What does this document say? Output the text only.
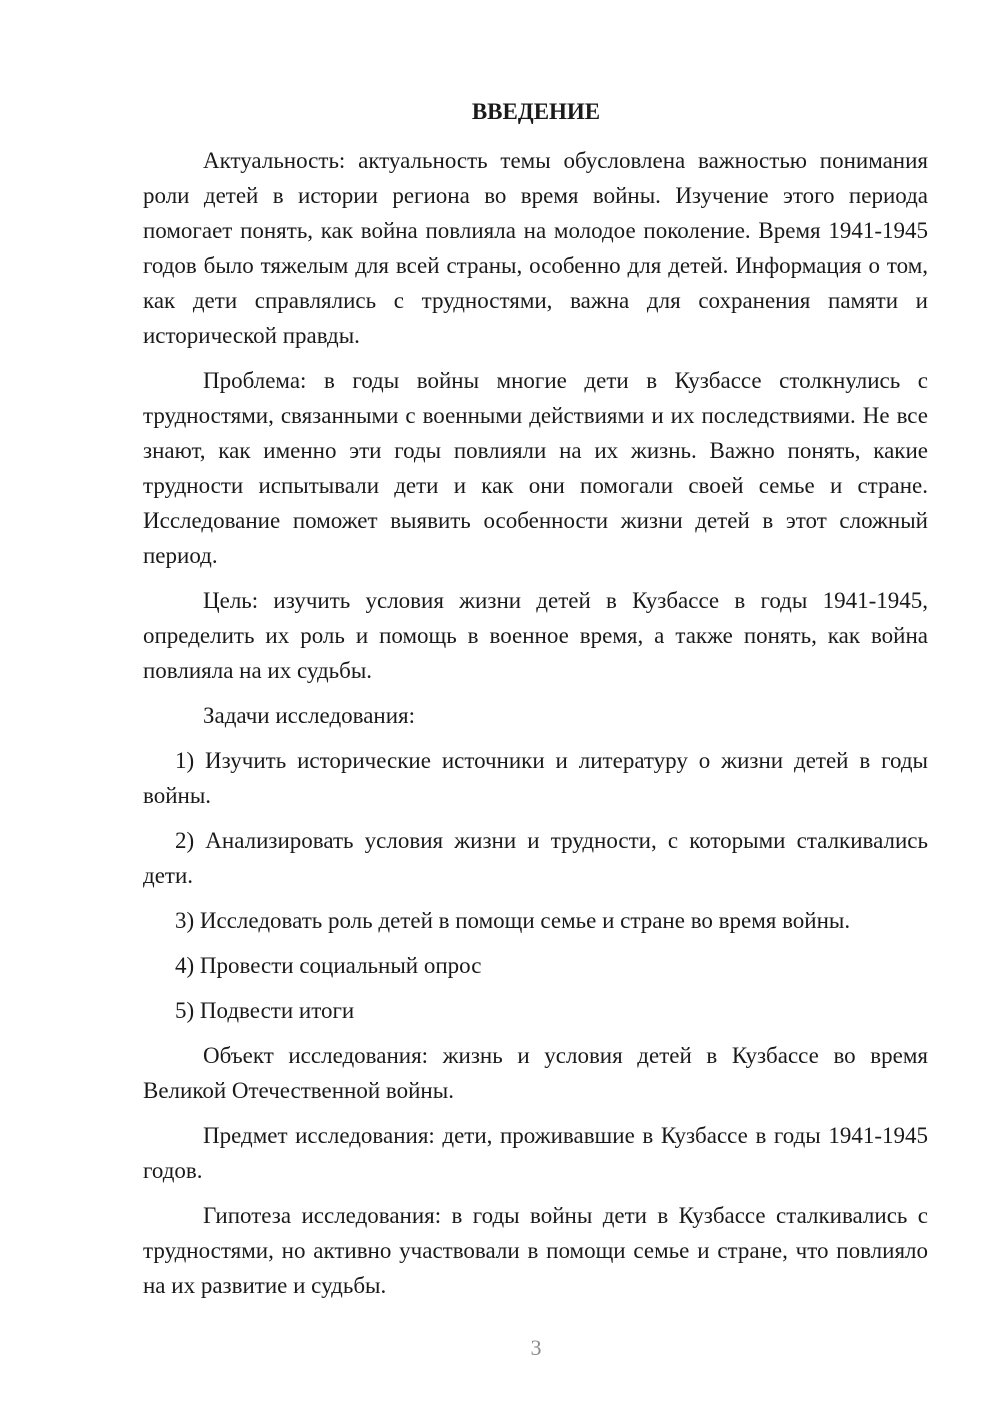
ВВЕДЕНИЕ

Актуальность: актуальность темы обусловлена важностью понимания роли детей в истории региона во время войны. Изучение этого периода помогает понять, как война повлияла на молодое поколение. Время 1941-1945 годов было тяжелым для всей страны, особенно для детей. Информация о том, как дети справлялись с трудностями, важна для сохранения памяти и исторической правды.

Проблема: в годы войны многие дети в Кузбассе столкнулись с трудностями, связанными с военными действиями и их последствиями. Не все знают, как именно эти годы повлияли на их жизнь. Важно понять, какие трудности испытывали дети и как они помогали своей семье и стране. Исследование поможет выявить особенности жизни детей в этот сложный период.

Цель: изучить условия жизни детей в Кузбассе в годы 1941-1945, определить их роль и помощь в военное время, а также понять, как война повлияла на их судьбы.

Задачи исследования:

1) Изучить исторические источники и литературу о жизни детей в годы войны.

2) Анализировать условия жизни и трудности, с которыми сталкивались дети.

3) Исследовать роль детей в помощи семье и стране во время войны.

4) Провести социальный опрос

5) Подвести итоги

Объект исследования: жизнь и условия детей в Кузбассе во время Великой Отечественной войны.

Предмет исследования: дети, проживавшие в Кузбассе в годы 1941-1945 годов.

Гипотеза исследования: в годы войны дети в Кузбассе сталкивались с трудностями, но активно участвовали в помощи семье и стране, что повлияло на их развитие и судьбы.

3
